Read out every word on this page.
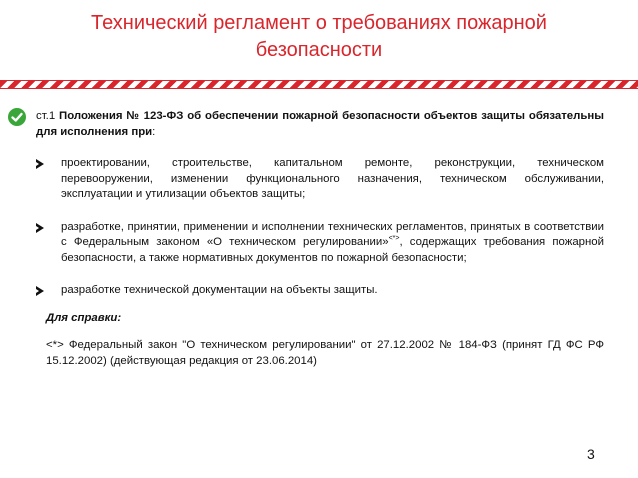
Технический регламент о требованиях пожарной безопасности

ст.1 Положения № 123-ФЗ об обеспечении пожарной безопасности объектов защиты обязательны для исполнения при:

проектировании, строительстве, капитальном ремонте, реконструкции, техническом перевооружении, изменении функционального назначения, техническом обслуживании, эксплуатации и утилизации объектов защиты;
разработке, принятии, применении и исполнении технических регламентов, принятых в соответствии с Федеральным законом «О техническом регулировании»<*>, содержащих требования пожарной безопасности, а также нормативных документов по пожарной безопасности;
разработке технической документации на объекты защиты.
Для справки:
<*> Федеральный закон "О техническом регулировании" от 27.12.2002 № 184-ФЗ (принят ГД ФС РФ 15.12.2002) (действующая редакция от 23.06.2014)
3
